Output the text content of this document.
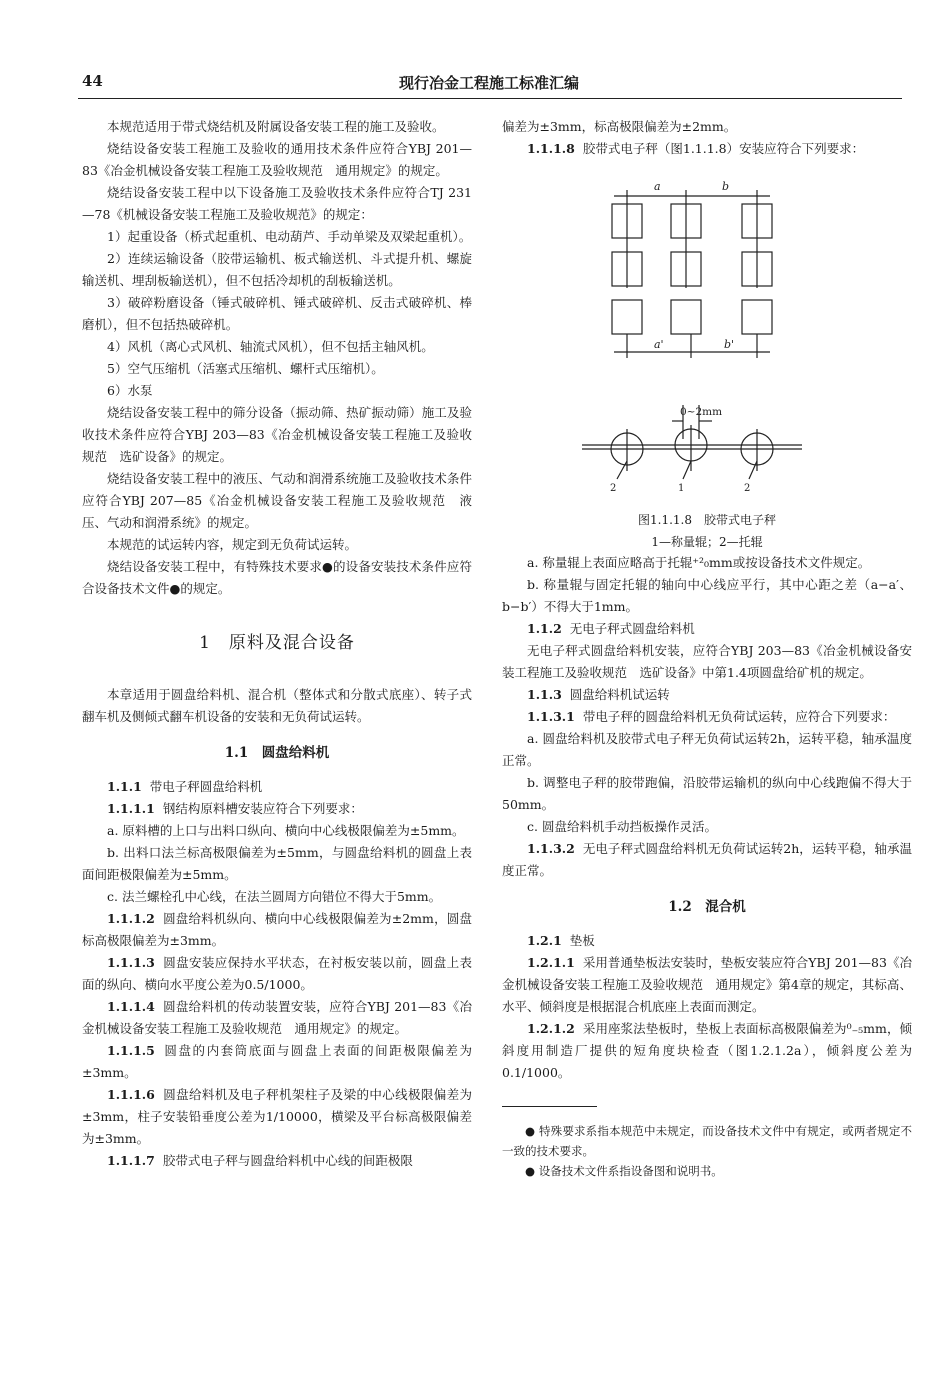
44	现行冶金工程施工标准汇编

本规范适用于带式烧结机及附属设备安装工程的施工及验收。

烧结设备安装工程施工及验收的通用技术条件应符合YBJ 201—83《冶金机械设备安装工程施工及验收规范　通用规定》的规定。

烧结设备安装工程中以下设备施工及验收技术条件应符合TJ 231—78《机械设备安装工程施工及验收规范》的规定：

1）起重设备（桥式起重机、电动葫芦、手动单梁及双梁起重机）。

2）连续运输设备（胶带运输机、板式输送机、斗式提升机、螺旋输送机、埋刮板输送机），但不包括冷却机的刮板输送机。

3）破碎粉磨设备（锤式破碎机、锤式破碎机、反击式破碎机、棒磨机），但不包括热破碎机。

4）风机（离心式风机、轴流式风机），但不包括主轴风机。

5）空气压缩机（活塞式压缩机、螺杆式压缩机）。

6）水泵

烧结设备安装工程中的筛分设备（振动筛、热矿振动筛）施工及验收技术条件应符合YBJ 203—83《冶金机械设备安装工程施工及验收规范　选矿设备》的规定。

烧结设备安装工程中的液压、气动和润滑系统施工及验收技术条件应符合YBJ 207—85《冶金机械设备安装工程施工及验收规范　液压、气动和润滑系统》的规定。

本规范的试运转内容，规定到无负荷试运转。

烧结设备安装工程中，有特殊技术要求●的设备安装技术条件应符合设备技术文件●的规定。

1　原料及混合设备

本章适用于圆盘给料机、混合机（整体式和分散式底座）、转子式翻车机及侧倾式翻车机设备的安装和无负荷试运转。

1.1　圆盘给料机

1.1.1 带电子秤圆盘给料机

1.1.1.1 钢结构原料槽安装应符合下列要求：

a. 原料槽的上口与出料口纵向、横向中心线极限偏差为±5mm。

b. 出料口法兰标高极限偏差为±5mm，与圆盘给料机的圆盘上表面间距极限偏差为±5mm。

c. 法兰螺栓孔中心线，在法兰圆周方向错位不得大于5mm。

1.1.1.2 圆盘给料机纵向、横向中心线极限偏差为±2mm，圆盘标高极限偏差为±3mm。

1.1.1.3 圆盘安装应保持水平状态，在衬板安装以前，圆盘上表面的纵向、横向水平度公差为0.5/1000。

1.1.1.4 圆盘给料机的传动装置安装，应符合YBJ 201—83《冶金机械设备安装工程施工及验收规范　通用规定》的规定。

1.1.1.5 圆盘的内套筒底面与圆盘上表面的间距极限偏差为±3mm。

1.1.1.6 圆盘给料机及电子秤机架柱子及梁的中心线极限偏差为±3mm，柱子安装铅垂度公差为1/10000，横梁及平台标高极限偏差为±3mm。

1.1.1.7 胶带式电子秤与圆盘给料机中心线的间距极限

偏差为±3mm，标高极限偏差为±2mm。

1.1.1.8 胶带式电子秤（图1.1.1.8）安装应符合下列要求：

a	b
a'	b'

0~2mm
2	1	2
图1.1.1.8　胶带式电子秤
1—称量辊；2—托辊

a. 称量辊上表面应略高于托辊⁺²₀mm或按设备技术文件规定。

b. 称量辊与固定托辊的轴向中心线应平行，其中心距之差（a−a′、b−b′）不得大于1mm。

1.1.2 无电子秤式圆盘给料机

无电子秤式圆盘给料机安装，应符合YBJ 203—83《冶金机械设备安装工程施工及验收规范　选矿设备》中第1.4项圆盘给矿机的规定。

1.1.3 圆盘给料机试运转

1.1.3.1 带电子秤的圆盘给料机无负荷试运转，应符合下列要求：

a. 圆盘给料机及胶带式电子秤无负荷试运转2h，运转平稳，轴承温度正常。

b. 调整电子秤的胶带跑偏，沿胶带运输机的纵向中心线跑偏不得大于50mm。

c. 圆盘给料机手动挡板操作灵活。

1.1.3.2 无电子秤式圆盘给料机无负荷试运转2h，运转平稳，轴承温度正常。

1.2　混合机

1.2.1 垫板

1.2.1.1 采用普通垫板法安装时，垫板安装应符合YBJ 201—83《冶金机械设备安装工程施工及验收规范　通用规定》第4章的规定，其标高、水平、倾斜度是根据混合机底座上表面而测定。

1.2.1.2 采用座浆法垫板时，垫板上表面标高极限偏差为⁰₋₅mm，倾斜度用制造厂提供的短角度块检查（图1.2.1.2a），倾斜度公差为0.1/1000。

● 特殊要求系指本规范中未规定，而设备技术文件中有规定，或两者规定不一致的技术要求。

● 设备技术文件系指设备图和说明书。
